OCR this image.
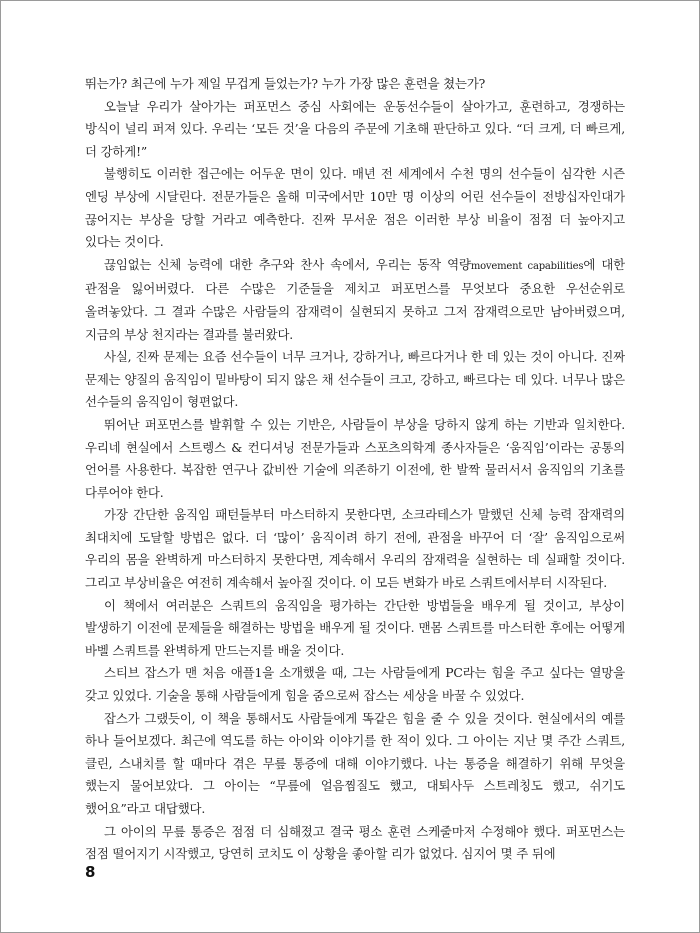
뛰는가? 최근에 누가 제일 무겁게 들었는가? 누가 가장 많은 훈련을 쳤는가?

오늘날 우리가 살아가는 퍼포먼스 중심 사회에는 운동선수들이 살아가고, 훈련하고, 경쟁하는 방식이 널리 퍼져 있다. 우리는 ‘모든 것’을 다음의 주문에 기초해 판단하고 있다. “더 크게, 더 빠르게, 더 강하게!”

불행히도 이러한 접근에는 어두운 면이 있다. 매년 전 세계에서 수천 명의 선수들이 심각한 시즌 엔딩 부상에 시달린다. 전문가들은 올해 미국에서만 10만 명 이상의 어린 선수들이 전방십자인대가 끊어지는 부상을 당할 거라고 예측한다. 진짜 무서운 점은 이러한 부상 비율이 점점 더 높아지고 있다는 것이다.

끊임없는 신체 능력에 대한 추구와 찬사 속에서, 우리는 동작 역량movement capabilities에 대한 관점을 잃어버렸다. 다른 수많은 기준들을 제치고 퍼포먼스를 무엇보다 중요한 우선순위로 올려놓았다. 그 결과 수많은 사람들의 잠재력이 실현되지 못하고 그저 잠재력으로만 남아버렸으며, 지금의 부상 천지라는 결과를 불러왔다.

사실, 진짜 문제는 요즘 선수들이 너무 크거나, 강하거나, 빠르다거나 한 데 있는 것이 아니다. 진짜 문제는 양질의 움직임이 밑바탕이 되지 않은 채 선수들이 크고, 강하고, 빠르다는 데 있다. 너무나 많은 선수들의 움직임이 형편없다.

뛰어난 퍼포먼스를 발휘할 수 있는 기반은, 사람들이 부상을 당하지 않게 하는 기반과 일치한다. 우리네 현실에서 스트렝스 & 컨디셔닝 전문가들과 스포츠의학계 종사자들은 ‘움직임’이라는 공통의 언어를 사용한다. 복잡한 연구나 값비싼 기술에 의존하기 이전에, 한 발짝 물러서서 움직임의 기초를 다루어야 한다.

가장 간단한 움직임 패턴들부터 마스터하지 못한다면, 소크라테스가 말했던 신체 능력 잠재력의 최대치에 도달할 방법은 없다. 더 ‘많이’ 움직이려 하기 전에, 관점을 바꾸어 더 ‘잘’ 움직임으로써 우리의 몸을 완벽하게 마스터하지 못한다면, 계속해서 우리의 잠재력을 실현하는 데 실패할 것이다. 그리고 부상비율은 여전히 계속해서 높아질 것이다. 이 모든 변화가 바로 스쿼트에서부터 시작된다.

이 책에서 여러분은 스쿼트의 움직임을 평가하는 간단한 방법들을 배우게 될 것이고, 부상이 발생하기 이전에 문제들을 해결하는 방법을 배우게 될 것이다. 맨몸 스쿼트를 마스터한 후에는 어떻게 바벨 스쿼트를 완벽하게 만드는지를 배울 것이다.

스티브 잡스가 맨 처음 애플1을 소개했을 때, 그는 사람들에게 PC라는 힘을 주고 싶다는 열망을 갖고 있었다. 기술을 통해 사람들에게 힘을 줌으로써 잡스는 세상을 바꿀 수 있었다.

잡스가 그랬듯이, 이 책을 통해서도 사람들에게 똑같은 힘을 줄 수 있을 것이다. 현실에서의 예를 하나 들어보겠다. 최근에 역도를 하는 아이와 이야기를 한 적이 있다. 그 아이는 지난 몇 주간 스쿼트, 클린, 스내치를 할 때마다 겪은 무릎 통증에 대해 이야기했다. 나는 통증을 해결하기 위해 무엇을 했는지 물어보았다. 그 아이는 “무릎에 얼음찜질도 했고, 대퇴사두 스트레칭도 했고, 쉬기도 했어요”라고 대답했다.

그 아이의 무릎 통증은 점점 더 심해졌고 결국 평소 훈련 스케줄마저 수정해야 했다. 퍼포먼스는 점점 떨어지기 시작했고, 당연히 코치도 이 상황을 좋아할 리가 없었다. 심지어 몇 주 뒤에

8
